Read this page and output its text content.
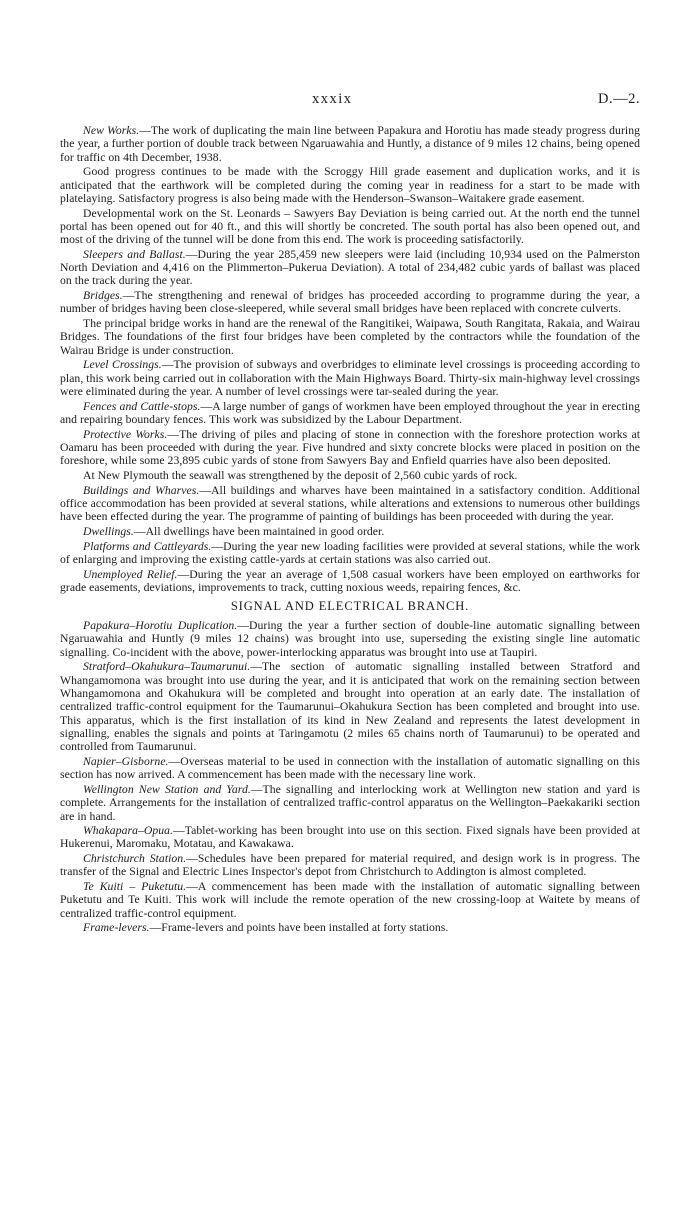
xxxix	D.—2.

New Works.—The work of duplicating the main line between Papakura and Horotiu has made steady progress during the year, a further portion of double track between Ngaruawahia and Huntly, a distance of 9 miles 12 chains, being opened for traffic on 4th December, 1938.

Good progress continues to be made with the Scroggy Hill grade easement and duplication works, and it is anticipated that the earthwork will be completed during the coming year in readiness for a start to be made with platelaying. Satisfactory progress is also being made with the Henderson–Swanson–Waitakere grade easement.

Developmental work on the St. Leonards – Sawyers Bay Deviation is being carried out. At the north end the tunnel portal has been opened out for 40 ft., and this will shortly be concreted. The south portal has also been opened out, and most of the driving of the tunnel will be done from this end. The work is proceeding satisfactorily.

Sleepers and Ballast.—During the year 285,459 new sleepers were laid (including 10,934 used on the Palmerston North Deviation and 4,416 on the Plimmerton–Pukerua Deviation). A total of 234,482 cubic yards of ballast was placed on the track during the year.

Bridges.—The strengthening and renewal of bridges has proceeded according to programme during the year, a number of bridges having been close-sleepered, while several small bridges have been replaced with concrete culverts.

The principal bridge works in hand are the renewal of the Rangitikei, Waipawa, South Rangitata, Rakaia, and Wairau Bridges. The foundations of the first four bridges have been completed by the contractors while the foundation of the Wairau Bridge is under construction.

Level Crossings.—The provision of subways and overbridges to eliminate level crossings is proceeding according to plan, this work being carried out in collaboration with the Main Highways Board. Thirty-six main-highway level crossings were eliminated during the year. A number of level crossings were tar-sealed during the year.

Fences and Cattle-stops.—A large number of gangs of workmen have been employed throughout the year in erecting and repairing boundary fences. This work was subsidized by the Labour Department.

Protective Works.—The driving of piles and placing of stone in connection with the foreshore protection works at Oamaru has been proceeded with during the year. Five hundred and sixty concrete blocks were placed in position on the foreshore, while some 23,895 cubic yards of stone from Sawyers Bay and Enfield quarries have also been deposited.

At New Plymouth the seawall was strengthened by the deposit of 2,560 cubic yards of rock.

Buildings and Wharves.—All buildings and wharves have been maintained in a satisfactory condition. Additional office accommodation has been provided at several stations, while alterations and extensions to numerous other buildings have been effected during the year. The programme of painting of buildings has been proceeded with during the year.

Dwellings.—All dwellings have been maintained in good order.

Platforms and Cattleyards.—During the year new loading facilities were provided at several stations, while the work of enlarging and improving the existing cattle-yards at certain stations was also carried out.

Unemployed Relief.—During the year an average of 1,508 casual workers have been employed on earthworks for grade easements, deviations, improvements to track, cutting noxious weeds, repairing fences, &c.

SIGNAL AND ELECTRICAL BRANCH.

Papakura–Horotiu Duplication.—During the year a further section of double-line automatic signalling between Ngaruawahia and Huntly (9 miles 12 chains) was brought into use, superseding the existing single line automatic signalling. Co-incident with the above, power-interlocking apparatus was brought into use at Taupiri.

Stratford–Okahukura–Taumarunui.—The section of automatic signalling installed between Stratford and Whangamomona was brought into use during the year, and it is anticipated that work on the remaining section between Whangamomona and Okahukura will be completed and brought into operation at an early date. The installation of centralized traffic-control equipment for the Taumarunui–Okahukura Section has been completed and brought into use. This apparatus, which is the first installation of its kind in New Zealand and represents the latest development in signalling, enables the signals and points at Taringamotu (2 miles 65 chains north of Taumarunui) to be operated and controlled from Taumarunui.

Napier–Gisborne.—Overseas material to be used in connection with the installation of automatic signalling on this section has now arrived. A commencement has been made with the necessary line work.

Wellington New Station and Yard.—The signalling and interlocking work at Wellington new station and yard is complete. Arrangements for the installation of centralized traffic-control apparatus on the Wellington–Paekakariki section are in hand.

Whakapara–Opua.—Tablet-working has been brought into use on this section. Fixed signals have been provided at Hukerenui, Maromaku, Motatau, and Kawakawa.

Christchurch Station.—Schedules have been prepared for material required, and design work is in progress. The transfer of the Signal and Electric Lines Inspector's depot from Christchurch to Addington is almost completed.

Te Kuiti – Puketutu.—A commencement has been made with the installation of automatic signalling between Puketutu and Te Kuiti. This work will include the remote operation of the new crossing-loop at Waitete by means of centralized traffic-control equipment.

Frame-levers.—Frame-levers and points have been installed at forty stations.
